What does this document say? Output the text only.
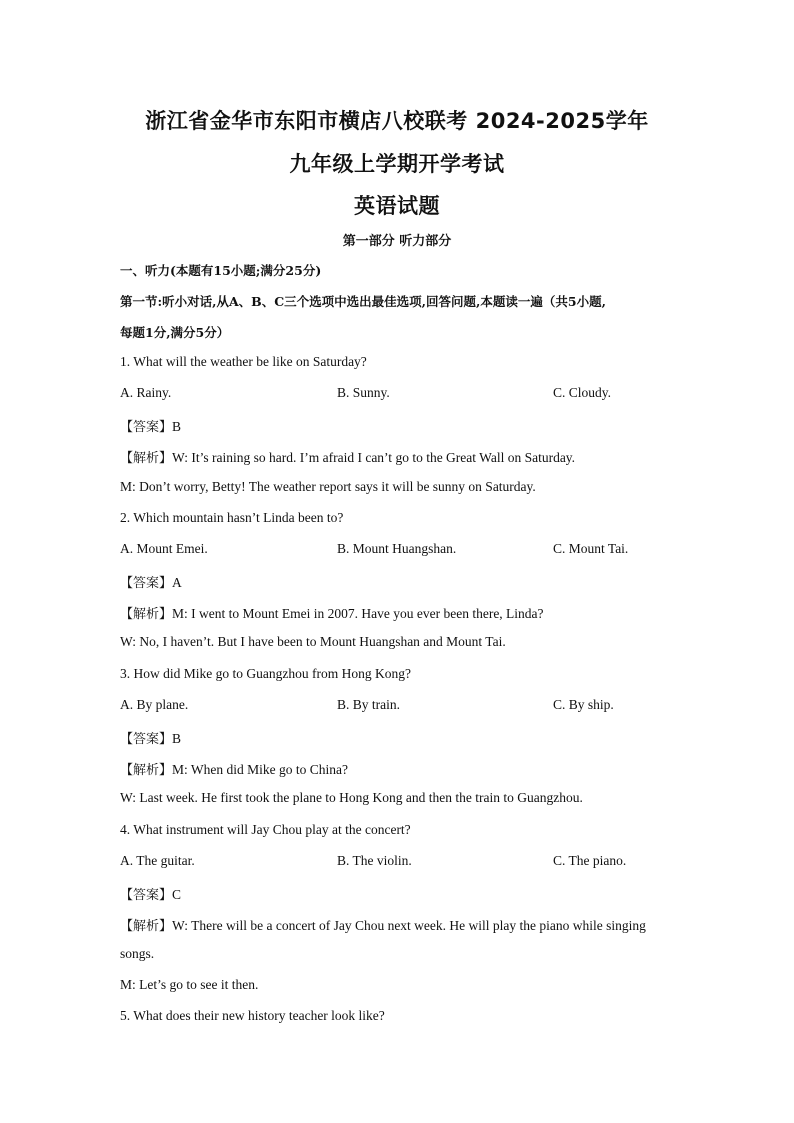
浙江省金华市东阳市横店八校联考 2024-2025学年
九年级上学期开学考试
英语试题
第一部分 听力部分
一、听力(本题有15小题;满分25分)
第一节:听小对话,从A、B、C三个选项中选出最佳选项,回答问题,本题读一遍（共5小题,
每题1分,满分5分）
1. What will the weather be like on Saturday?
A. Rainy.	B. Sunny.	C. Cloudy.
【答案】B
【解析】W: It’s raining so hard. I’m afraid I can’t go to the Great Wall on Saturday.
M: Don’t worry, Betty! The weather report says it will be sunny on Saturday.
2. Which mountain hasn’t Linda been to?
A. Mount Emei.	B. Mount Huangshan.	C. Mount Tai.
【答案】A
【解析】M: I went to Mount Emei in 2007. Have you ever been there, Linda?
W: No, I haven’t. But I have been to Mount Huangshan and Mount Tai.
3. How did Mike go to Guangzhou from Hong Kong?
A. By plane.	B. By train.	C. By ship.
【答案】B
【解析】M: When did Mike go to China?
W: Last week. He first took the plane to Hong Kong and then the train to Guangzhou.
4. What instrument will Jay Chou play at the concert?
A. The guitar.	B. The violin.	C. The piano.
【答案】C
【解析】W: There will be a concert of Jay Chou next week. He will play the piano while singing
songs.
M: Let’s go to see it then.
5. What does their new history teacher look like?
